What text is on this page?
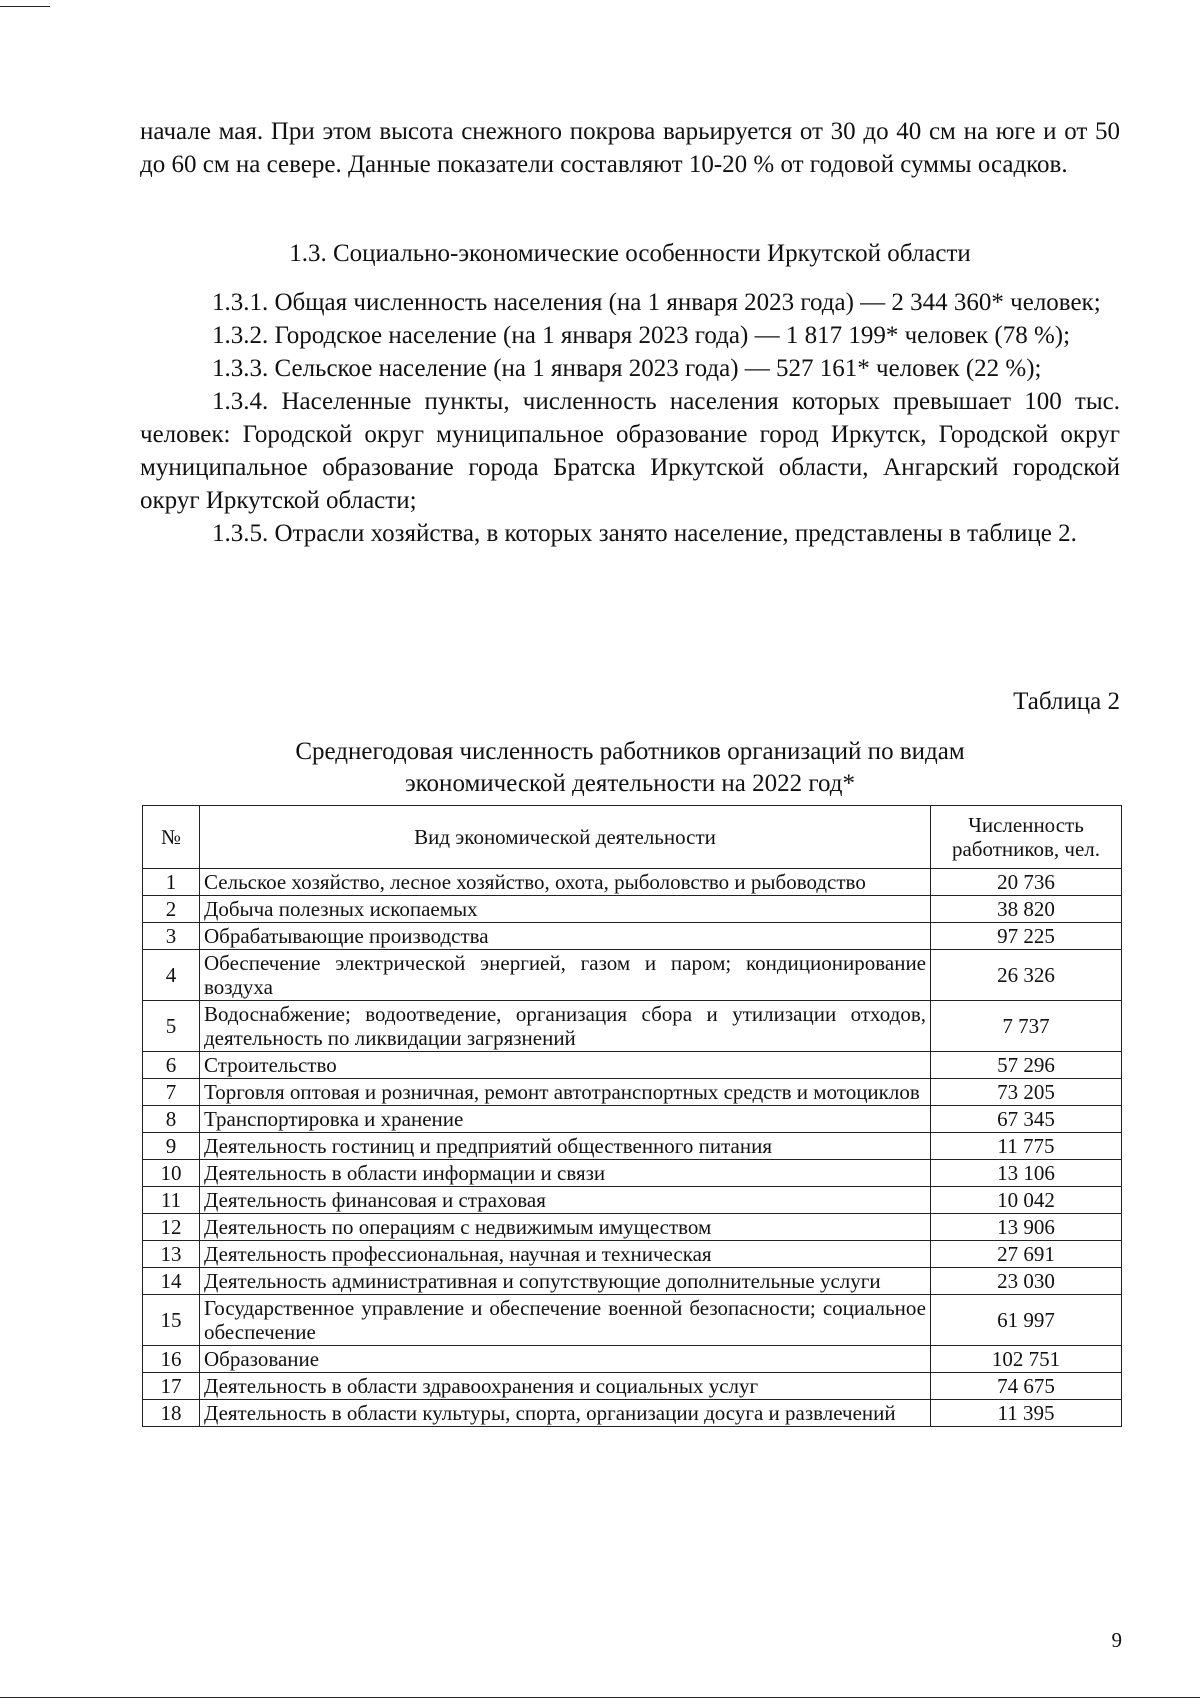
начале мая. При этом высота снежного покрова варьируется от 30 до 40 см на юге и от 50 до 60 см на севере. Данные показатели составляют 10-20 % от годовой суммы осадков.

1.3. Социально-экономические особенности Иркутской области

1.3.1. Общая численность населения (на 1 января 2023 года) — 2 344 360* человек;

1.3.2. Городское население (на 1 января 2023 года) — 1 817 199* человек (78 %);

1.3.3. Сельское население (на 1 января 2023 года) — 527 161* человек (22 %);

1.3.4. Населенные пункты, численность населения которых превышает 100 тыс. человек: Городской округ муниципальное образование город Иркутск, Городской округ муниципальное образование города Братска Иркутской области, Ангарский городской округ Иркутской области;

1.3.5. Отрасли хозяйства, в которых занято население, представлены в таблице 2.

Таблица 2
Среднегодовая численность работников организаций по видам
экономической деятельности на 2022 год*
№	Вид экономической деятельности	Численность работников, чел.
1	Сельское хозяйство, лесное хозяйство, охота, рыболовство и рыбоводство	20 736
2	Добыча полезных ископаемых	38 820
3	Обрабатывающие производства	97 225
4	Обеспечение электрической энергией, газом и паром; кондиционирование воздуха	26 326
5	Водоснабжение; водоотведение, организация сбора и утилизации отходов, деятельность по ликвидации загрязнений	7 737
6	Строительство	57 296
7	Торговля оптовая и розничная, ремонт автотранспортных средств и мотоциклов	73 205
8	Транспортировка и хранение	67 345
9	Деятельность гостиниц и предприятий общественного питания	11 775
10	Деятельность в области информации и связи	13 106
11	Деятельность финансовая и страховая	10 042
12	Деятельность по операциям с недвижимым имуществом	13 906
13	Деятельность профессиональная, научная и техническая	27 691
14	Деятельность административная и сопутствующие дополнительные услуги	23 030
15	Государственное управление и обеспечение военной безопасности; социальное обеспечение	61 997
16	Образование	102 751
17	Деятельность в области здравоохранения и социальных услуг	74 675
18	Деятельность в области культуры, спорта, организации досуга и развлечений	11 395
9
